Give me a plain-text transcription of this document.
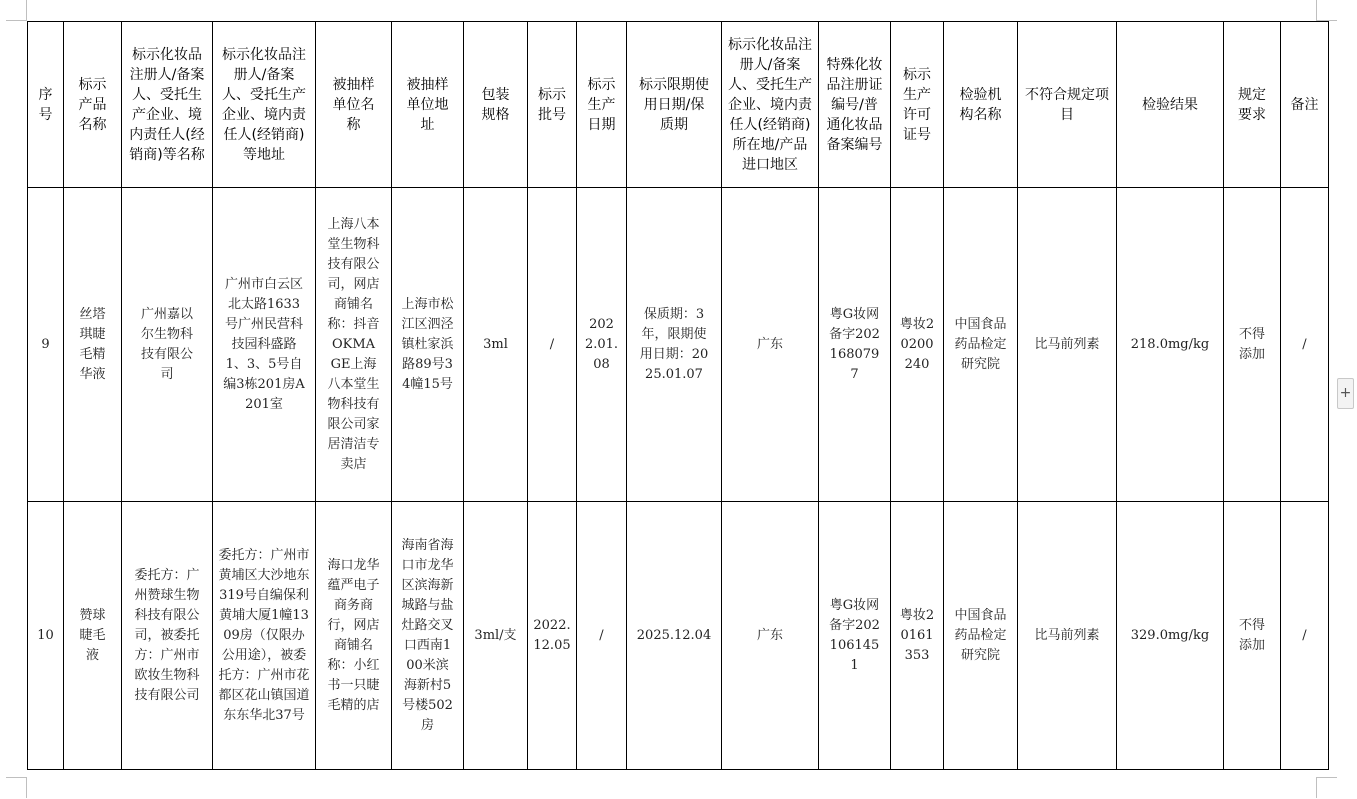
序号	标示产品名称	标示化妆品注册人/备案人、受托生产企业、境内责任人(经销商)等名称	标示化妆品注册人/备案人、受托生产企业、境内责任人(经销商)等地址	被抽样单位名称	被抽样单位地址	包装规格	标示批号	标示生产日期	标示限期使用日期/保质期	标示化妆品注册人/备案人、受托生产企业、境内责任人(经销商)所在地/产品进口地区	特殊化妆品注册证编号/普通化妆品备案编号	标示生产许可证号	检验机构名称	不符合规定项目	检验结果	规定要求	备注
9	丝塔琪睫毛精华液	广州嘉以尔生物科技有限公司	广州市白云区北太路1633号广州民营科技园科盛路1、3、5号自编3栋201房A201室	上海八本堂生物科技有限公司，网店商铺名称：抖音OKMAGE上海八本堂生物科技有限公司家居清洁专卖店	上海市松江区泗泾镇杜家浜路89号34幢15号	3ml	/	2022.01.08	保质期：3年，限期使用日期：2025.01.07	广东	粤G妆网备字2021680797	粤妆20200240	中国食品药品检定研究院	比马前列素	218.0mg/kg	不得添加	/
10	赞球睫毛液	委托方：广州赞球生物科技有限公司，被委托方：广州市欧妆生物科技有限公司	委托方：广州市黄埔区大沙地东319号自编保利黄埔大厦1幢1309房（仅限办公用途），被委托方：广州市花都区花山镇国道东东华北37号	海口龙华蕴严电子商务商行，网店商铺名称：小红书一只睫毛精的店	海南省海口市龙华区滨海新城路与盐灶路交叉口西南100米滨海新村5号楼502房	3ml/支	2022.12.05	/	2025.12.04	广东	粤G妆网备字2021061451	粤妆20161353	中国食品药品检定研究院	比马前列素	329.0mg/kg	不得添加	/
+
